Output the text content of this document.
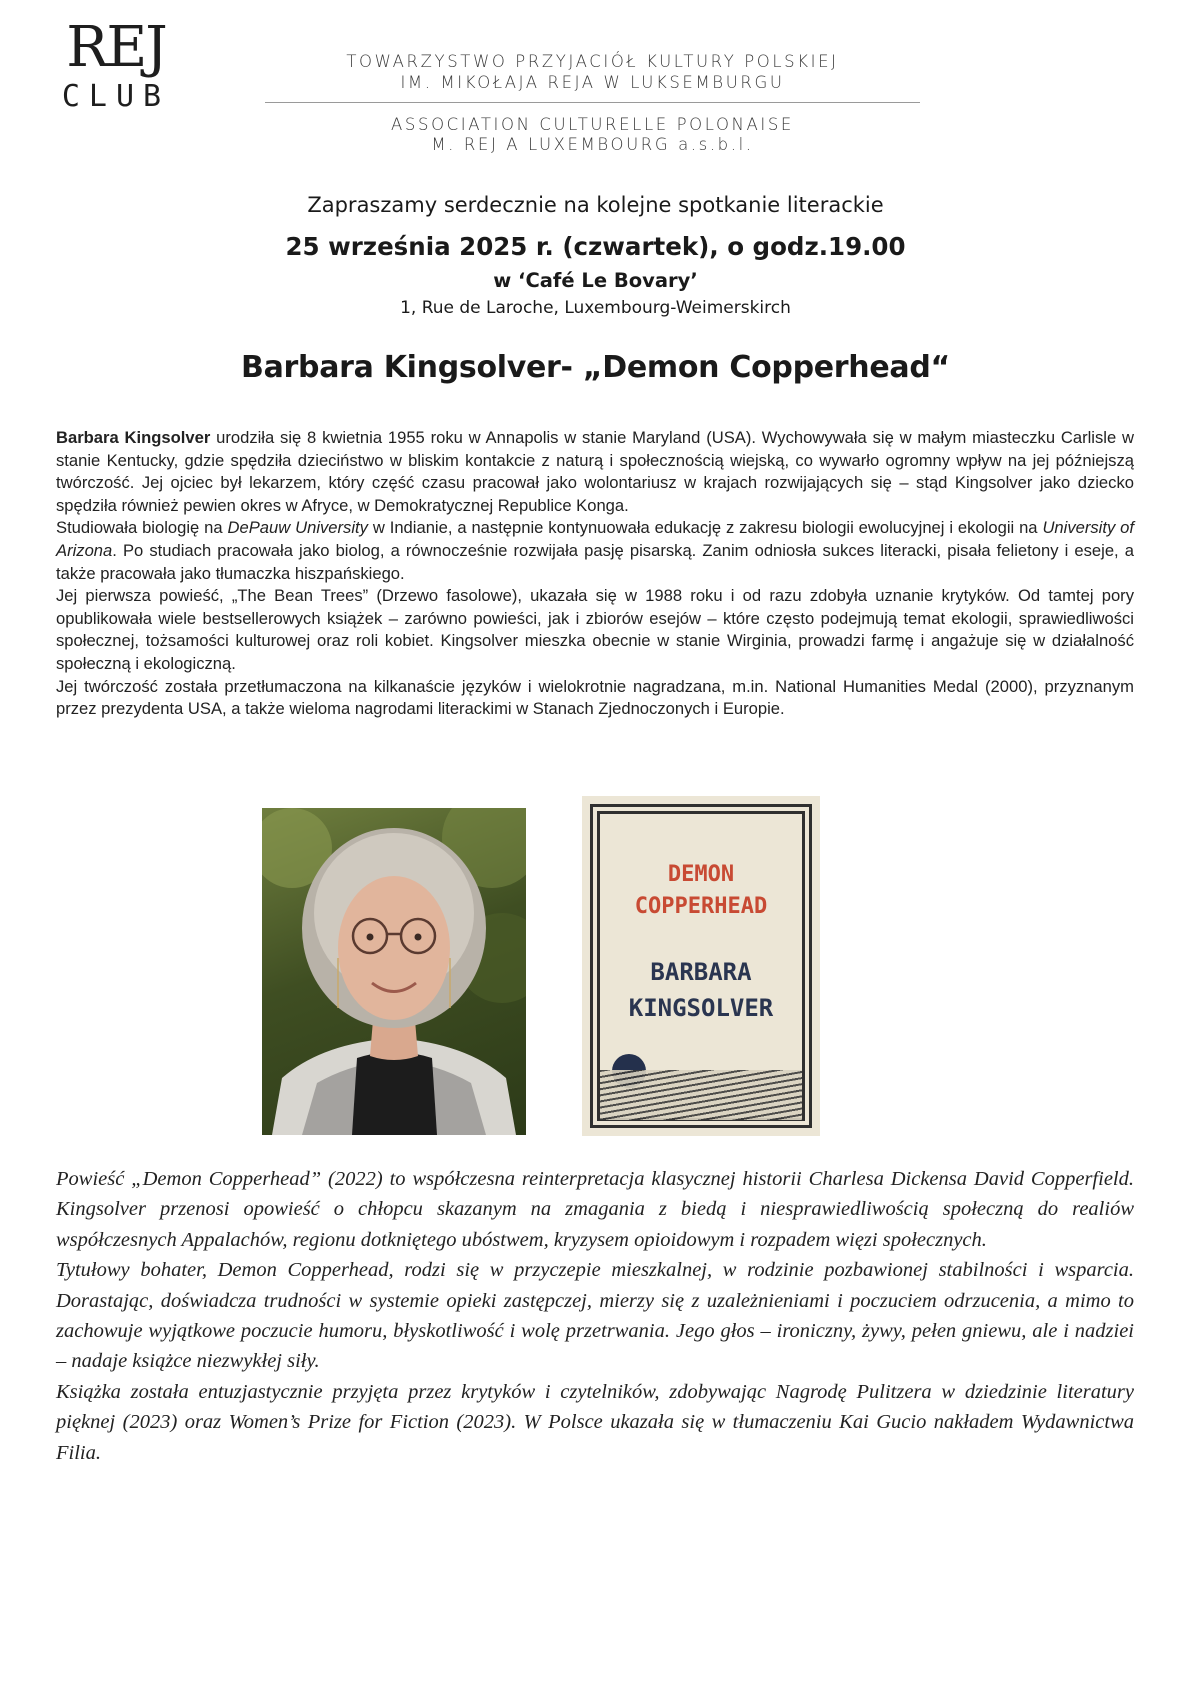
REJ
CLUB
TOWARZYSTWO PRZYJACIÓŁ KULTURY POLSKIEJ
IM. MIKOŁAJA REJA W LUKSEMBURGU
ASSOCIATION CULTURELLE POLONAISE
M. REJ A LUXEMBOURG a.s.b.l.
Zapraszamy serdecznie na kolejne spotkanie literackie
25 września 2025 r. (czwartek), o godz.19.00
w ‘Café Le Bovary’
1, Rue de Laroche, Luxembourg-Weimerskirch
Barbara Kingsolver- „Demon Copperhead“

Barbara Kingsolver urodziła się 8 kwietnia 1955 roku w Annapolis w stanie Maryland (USA). Wychowywała się w małym miasteczku Carlisle w stanie Kentucky, gdzie spędziła dzieciństwo w bliskim kontakcie z naturą i społecznością wiejską, co wywarło ogromny wpływ na jej późniejszą twórczość. Jej ojciec był lekarzem, który część czasu pracował jako wolontariusz w krajach rozwijających się – stąd Kingsolver jako dziecko spędziła również pewien okres w Afryce, w Demokratycznej Republice Konga.

Studiowała biologię na DePauw University w Indianie, a następnie kontynuowała edukację z zakresu biologii ewolucyjnej i ekologii na University of Arizona. Po studiach pracowała jako biolog, a równocześnie rozwijała pasję pisarską. Zanim odniosła sukces literacki, pisała felietony i eseje, a także pracowała jako tłumaczka hiszpańskiego.

Jej pierwsza powieść, „The Bean Trees” (Drzewo fasolowe), ukazała się w 1988 roku i od razu zdobyła uznanie krytyków. Od tamtej pory opublikowała wiele bestsellerowych książek – zarówno powieści, jak i zbiorów esejów – które często podejmują temat ekologii, sprawiedliwości społecznej, tożsamości kulturowej oraz roli kobiet. Kingsolver mieszka obecnie w stanie Wirginia, prowadzi farmę i angażuje się w działalność społeczną i ekologiczną.

Jej twórczość została przetłumaczona na kilkanaście języków i wielokrotnie nagradzana, m.in. National Humanities Medal (2000), przyznanym przez prezydenta USA, a także wieloma nagrodami literackimi w Stanach Zjednoczonych i Europie.

DEMON
COPPERHEAD
BARBARA
KINGSOLVER

Powieść „Demon Copperhead” (2022) to współczesna reinterpretacja klasycznej historii Charlesa Dickensa David Copperfield. Kingsolver przenosi opowieść o chłopcu skazanym na zmagania z biedą i niesprawiedliwością społeczną do realiów współczesnych Appalachów, regionu dotkniętego ubóstwem, kryzysem opioidowym i rozpadem więzi społecznych.

Tytułowy bohater, Demon Copperhead, rodzi się w przyczepie mieszkalnej, w rodzinie pozbawionej stabilności i wsparcia. Dorastając, doświadcza trudności w systemie opieki zastępczej, mierzy się z uzależnieniami i poczuciem odrzucenia, a mimo to zachowuje wyjątkowe poczucie humoru, błyskotliwość i wolę przetrwania. Jego głos – ironiczny, żywy, pełen gniewu, ale i nadziei – nadaje książce niezwykłej siły.

Książka została entuzjastycznie przyjęta przez krytyków i czytelników, zdobywając Nagrodę Pulitzera w dziedzinie literatury pięknej (2023) oraz Women’s Prize for Fiction (2023). W Polsce ukazała się w tłumaczeniu Kai Gucio nakładem Wydawnictwa Filia.
